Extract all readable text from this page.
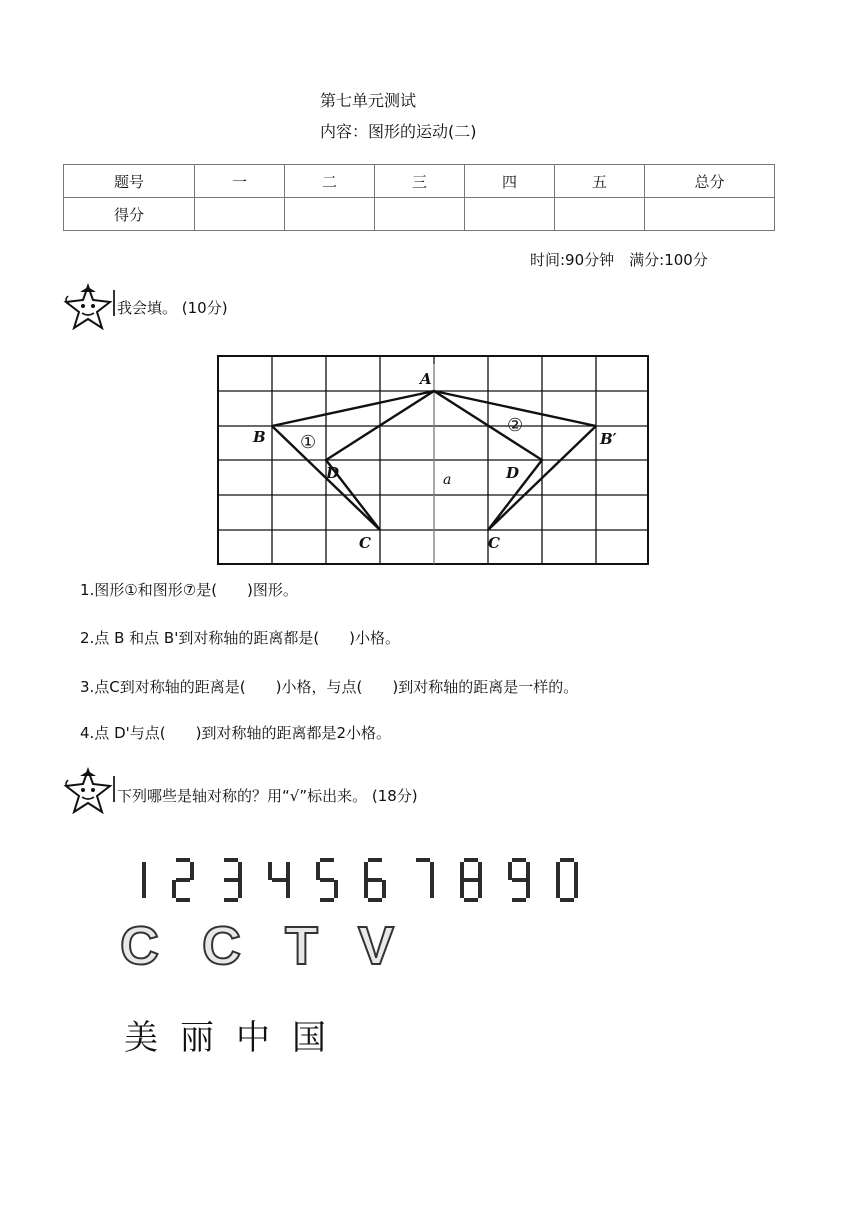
第七单元测试
内容：图形的运动(二)
题号	一	二	三	四	五	总分
得分						
时间:90分钟　满分:100分
我会填。 (10分)
A
B	B′
D	D
C	C
a
①
②
1.图形①和图形⑦是(　　)图形。
2.点 B 和点 B'到对称轴的距离都是(　　)小格。
3.点C到对称轴的距离是(　　)小格，与点(　　)到对称轴的距离是一样的。
4.点 D'与点(　　)到对称轴的距离都是2小格。
下列哪些是轴对称的？用“√”标出来。 (18分)
C C T V
美 丽 中 国
